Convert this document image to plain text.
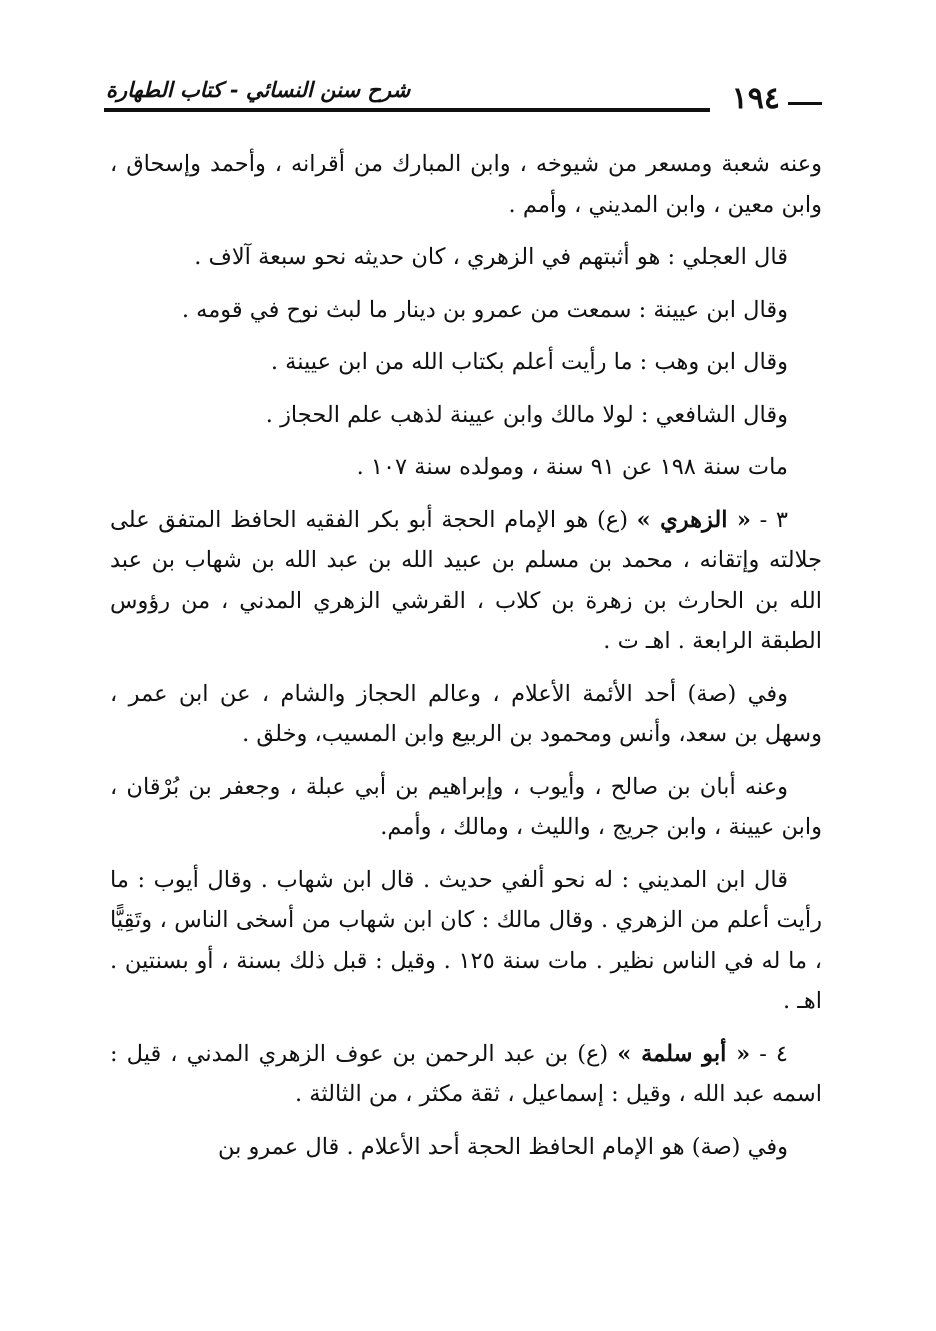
١٩٤
شرح سنن النسائي - كتاب الطهارة

وعنه شعبة ومسعر من شيوخه ، وابن المبارك من أقرانه ، وأحمد وإسحاق ، وابن معين ، وابن المديني ، وأمم .

قال العجلي : هو أثبتهم في الزهري ، كان حديثه نحو سبعة آلاف .

وقال ابن عيينة : سمعت من عمرو بن دينار ما لبث نوح في قومه .

وقال ابن وهب : ما رأيت أعلم بكتاب الله من ابن عيينة .

وقال الشافعي : لولا مالك وابن عيينة لذهب علم الحجاز .

مات سنة ١٩٨ عن ٩١ سنة ، ومولده سنة ١٠٧ .

٣ - « الزهري » (ع) هو الإمام الحجة أبو بكر الفقيه الحافظ المتفق على جلالته وإتقانه ، محمد بن مسلم بن عبيد الله بن عبد الله بن شهاب بن عبد الله بن الحارث بن زهرة بن كلاب ، القرشي الزهري المدني ، من رؤوس الطبقة الرابعة . اهـ ت .

وفي (صة) أحد الأئمة الأعلام ، وعالم الحجاز والشام ، عن ابن عمر ، وسهل بن سعد، وأنس ومحمود بن الربيع وابن المسيب، وخلق .

وعنه أبان بن صالح ، وأيوب ، وإبراهيم بن أبي عبلة ، وجعفر بن بُرْقان ، وابن عيينة ، وابن جريج ، والليث ، ومالك ، وأمم.

قال ابن المديني : له نحو ألفي حديث . قال ابن شهاب . وقال أيوب : ما رأيت أعلم من الزهري . وقال مالك : كان ابن شهاب من أسخى الناس ، وتَقِيًّا ، ما له في الناس نظير . مات سنة ١٢٥ . وقيل : قبل ذلك بسنة ، أو بسنتين . اهـ .

٤ - « أبو سلمة » (ع) بن عبد الرحمن بن عوف الزهري المدني ، قيل : اسمه عبد الله ، وقيل : إسماعيل ، ثقة مكثر ، من الثالثة .

وفي (صة) هو الإمام الحافظ الحجة أحد الأعلام . قال عمرو بن
